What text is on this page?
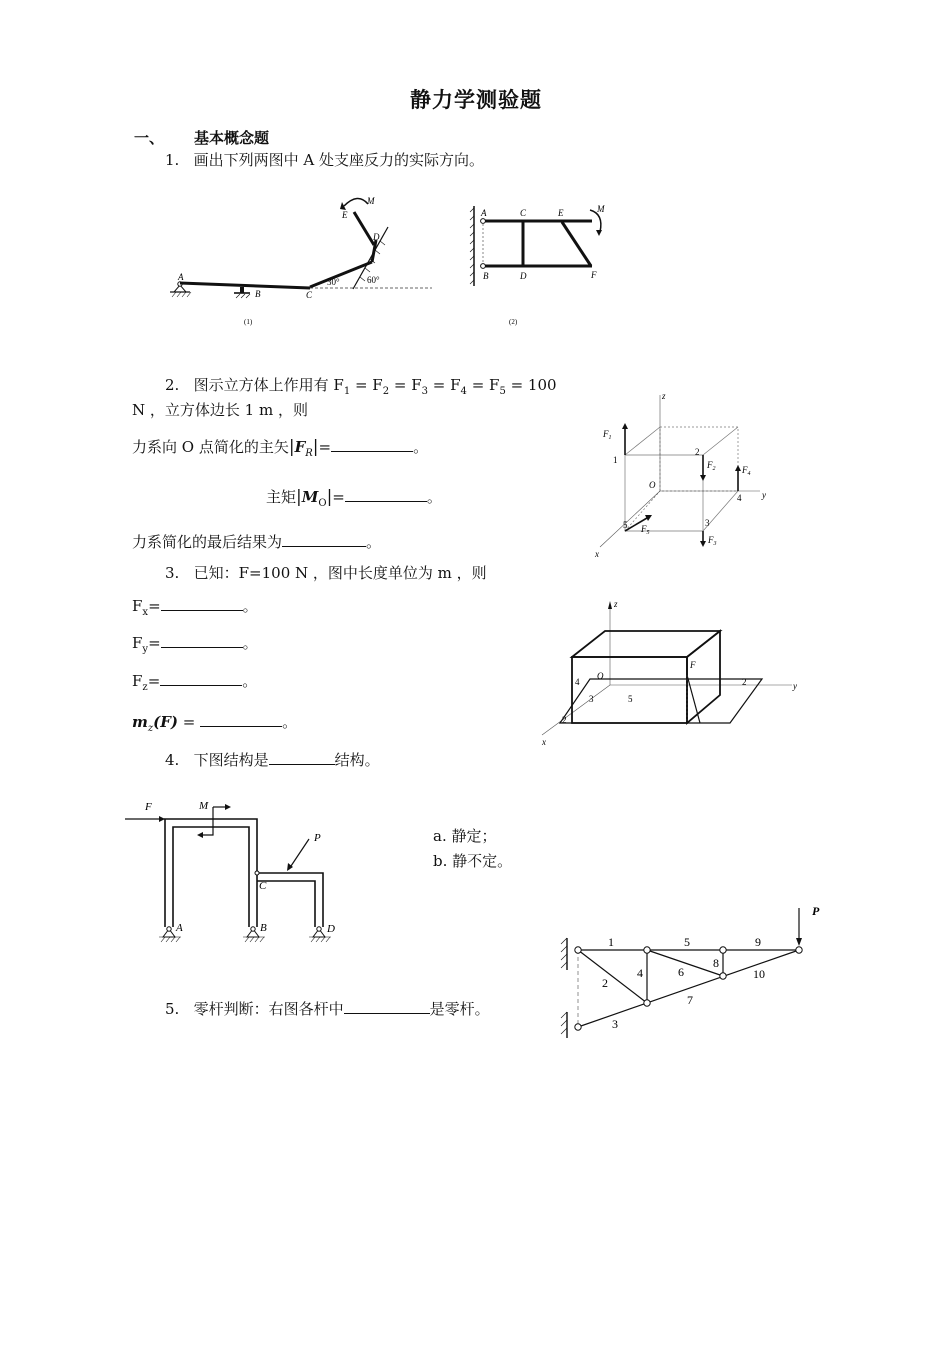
静力学测验题
一、 基本概念题
1. 画出下列两图中 A 处支座反力的实际方向。
A
B	C
D
E
M
30°	60°
(1)
A
B
C
D
E
F
M
(2)
2. 图示立方体上作用有 $F_1 = F_2 = F_3 = F_4 = F_5 = 100$
N ，立方体边长 1 m ，则
力系向 O 点简化的主矢$|F_R|=$	。
主矩$|M_O|=$	。
力系简化的最后结果为	。
z
y
x
O
$F_1$
$F_2$
$F_3$
$F_4$
$F_5$
1
2
3
4
5
3. 已知：F=100 N ，图中长度单位为 m ，则
$F_x=$	。
$F_y=$	。
$F_z=$	。
$m_z(F)$ =	。
z
y
x
O
F
4
3	5
2
2
4. 下图结构是	结构。
a. 静定；
b. 静不定。
F	M
P
A	B
C
D
5. 零杆判断：右图各杆中	是零杆。
P
1
2
3
4
5
6
7
8
9
10
